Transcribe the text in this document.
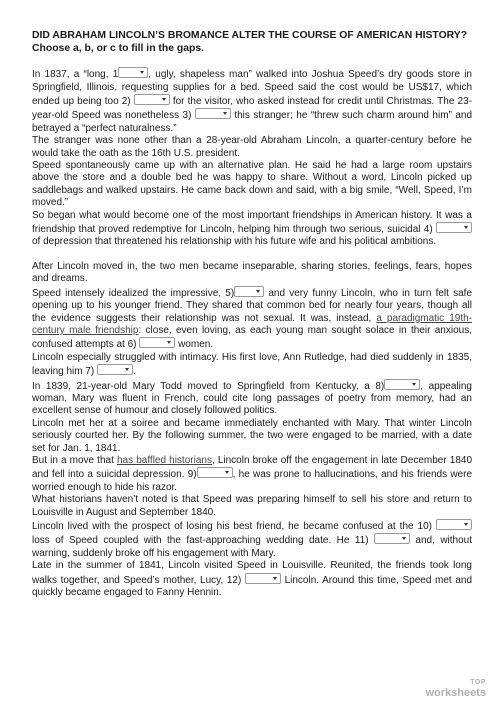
DID ABRAHAM LINCOLN’S BROMANCE ALTER THE COURSE OF AMERICAN HISTORY?

Choose a, b, or c to fill in the gaps.

In 1837, a “long, 1	, ugly, shapeless man” walked into Joshua Speed’s dry goods store in Springfield, Illinois, requesting supplies for a bed. Speed said the cost would be US$17, which ended up being too 2)	for the visitor, who asked instead for credit until Christmas. The 23-year-old Speed was nonetheless 3)	this stranger; he “threw such charm around him” and betrayed a “perfect naturalness.”

The stranger was none other than a 28-year-old Abraham Lincoln, a quarter-century before he would take the oath as the 16th U.S. president.

Speed spontaneously came up with an alternative plan. He said he had a large room upstairs above the store and a double bed he was happy to share. Without a word, Lincoln picked up saddlebags and walked upstairs. He came back down and said, with a big smile, “Well, Speed, I’m moved.”

So began what would become one of the most important friendships in American history. It was a friendship that proved redemptive for Lincoln, helping him through two serious, suicidal 4)  of depression that threatened his relationship with his future wife and his political ambitions.

After Lincoln moved in, the two men became inseparable, sharing stories, feelings, fears, hopes and dreams.

Speed intensely idealized the impressive, 5)	and very funny Lincoln, who in turn felt safe opening up to his younger friend. They shared that common bed for nearly four years, though all the evidence suggests their relationship was not sexual. It was, instead, a paradigmatic 19th-century male friendship: close, even loving, as each young man sought solace in their anxious, confused attempts at 6)	women.

Lincoln especially struggled with intimacy. His first love, Ann Rutledge, had died suddenly in 1835, leaving him 7)	.

In 1839, 21-year-old Mary Todd moved to Springfield from Kentucky, a 8)	, appealing woman, Mary was fluent in French, could cite long passages of poetry from memory, had an excellent sense of humour and closely followed politics.

Lincoln met her at a soiree and became immediately enchanted with Mary. That winter Lincoln seriously courted her. By the following summer, the two were engaged to be married, with a date set for Jan. 1, 1841.

But in a move that has baffled historians, Lincoln broke off the engagement in late December 1840 and fell into a suicidal depression. 9)	, he was prone to hallucinations, and his friends were worried enough to hide his razor.

What historians haven’t noted is that Speed was preparing himself to sell his store and return to Louisville in August and September 1840.

Lincoln lived with the prospect of losing his best friend, he became confused at the 10)  loss of Speed coupled with the fast-approaching wedding date. He 11)	and, without warning, suddenly broke off his engagement with Mary.

Late in the summer of 1841, Lincoln visited Speed in Louisville. Reunited, the friends took long walks together, and Speed’s mother, Lucy, 12)	Lincoln. Around this time, Speed met and quickly became engaged to Fanny Hennin.

TOP
worksheets
